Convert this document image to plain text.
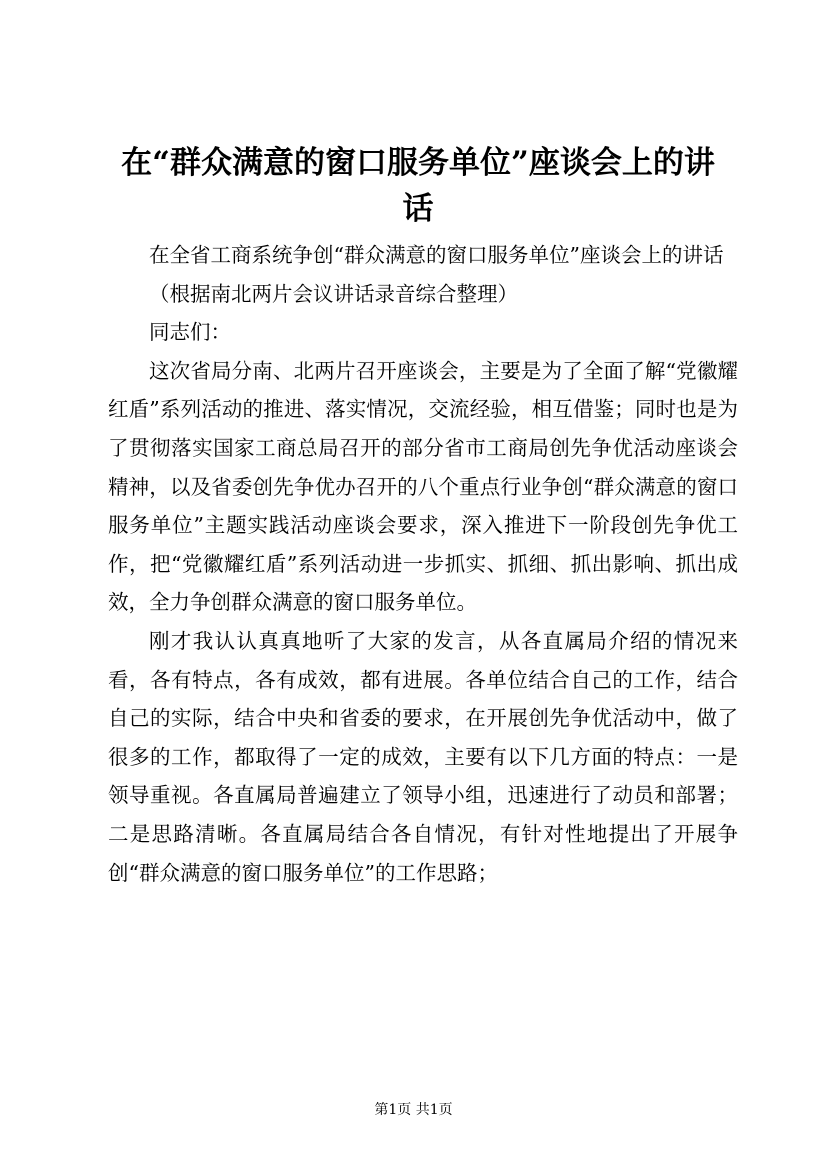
在“群众满意的窗口服务单位”座谈会上的讲话

在全省工商系统争创“群众满意的窗口服务单位”座谈会上的讲话

（根据南北两片会议讲话录音综合整理）

同志们：

这次省局分南、北两片召开座谈会，主要是为了全面了解“党徽耀红盾”系列活动的推进、落实情况，交流经验，相互借鉴；同时也是为了贯彻落实国家工商总局召开的部分省市工商局创先争优活动座谈会精神，以及省委创先争优办召开的八个重点行业争创“群众满意的窗口服务单位”主题实践活动座谈会要求，深入推进下一阶段创先争优工作，把“党徽耀红盾”系列活动进一步抓实、抓细、抓出影响、抓出成效，全力争创群众满意的窗口服务单位。

刚才我认认真真地听了大家的发言，从各直属局介绍的情况来看，各有特点，各有成效，都有进展。各单位结合自己的工作，结合自己的实际，结合中央和省委的要求，在开展创先争优活动中，做了很多的工作，都取得了一定的成效，主要有以下几方面的特点：一是领导重视。各直属局普遍建立了领导小组，迅速进行了动员和部署；二是思路清晰。各直属局结合各自情况，有针对性地提出了开展争创“群众满意的窗口服务单位”的工作思路；

第1页 共1页
